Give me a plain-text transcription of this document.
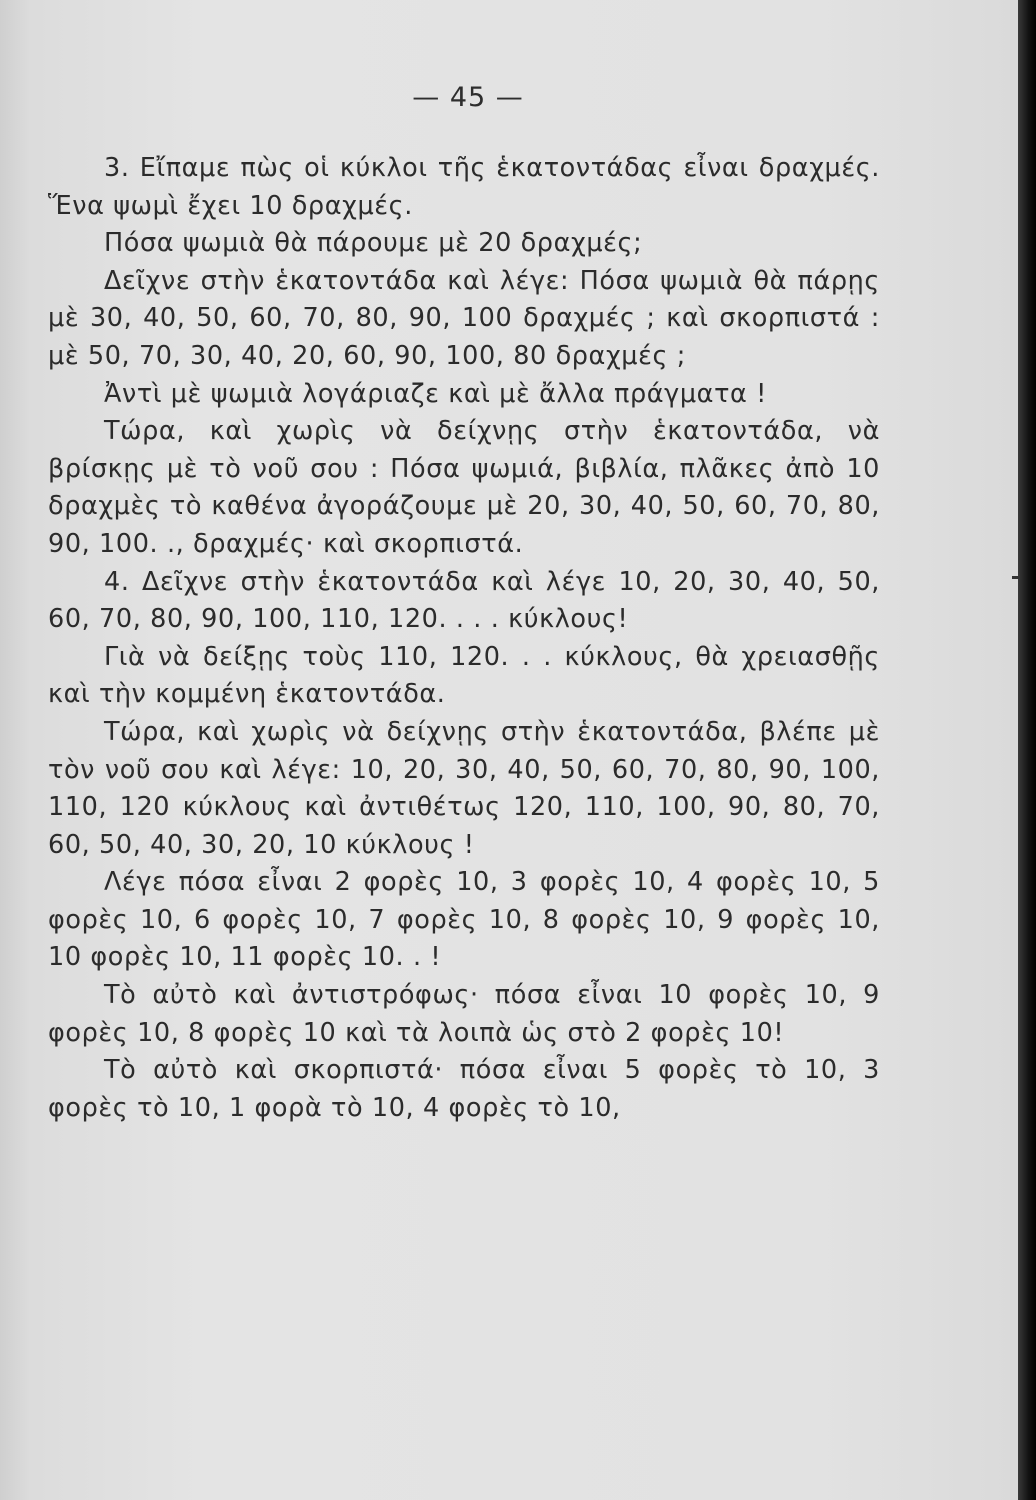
— 45 —

3. Εἴπαμε πὼς οἱ κύκλοι τῆς ἑκατοντάδας εἶναι δραχμές. Ἕνα ψωμὶ ἔχει 10 δραχμές.

Πόσα ψωμιὰ θὰ πάρουμε μὲ 20 δραχμές;

Δεῖχνε στὴν ἑκατοντάδα καὶ λέγε: Πόσα ψωμιὰ θὰ πάρῃς μὲ 30, 40, 50, 60, 70, 80, 90, 100 δραχμές ; καὶ σκορπιστά : μὲ 50, 70, 30, 40, 20, 60, 90, 100, 80 δραχμές ;

Ἀντὶ μὲ ψωμιὰ λογάριαζε καὶ μὲ ἄλλα πράγματα !

Τώρα, καὶ χωρὶς νὰ δείχνῃς στὴν ἑκατοντάδα, νὰ βρίσκῃς μὲ τὸ νοῦ σου : Πόσα ψωμιά, βιβλία, πλᾶκες ἀπὸ 10 δραχμὲς τὸ καθένα ἀγοράζουμε μὲ 20, 30, 40, 50, 60, 70, 80, 90, 100. ., δραχμές· καὶ σκορπιστά.

4. Δεῖχνε στὴν ἑκατοντάδα καὶ λέγε 10, 20, 30, 40, 50, 60, 70, 80, 90, 100, 110, 120. . . . κύκλους!

Γιὰ νὰ δείξῃς τοὺς 110, 120. . . κύκλους, θὰ χρειασθῇς καὶ τὴν κομμένη ἑκατοντάδα.

Τώρα, καὶ χωρὶς νὰ δείχνῃς στὴν ἑκατοντάδα, βλέπε μὲ τὸν νοῦ σου καὶ λέγε: 10, 20, 30, 40, 50, 60, 70, 80, 90, 100, 110, 120 κύκλους καὶ ἀντιθέτως 120, 110, 100, 90, 80, 70, 60, 50, 40, 30, 20, 10 κύκλους !

Λέγε πόσα εἶναι 2 φορὲς 10, 3 φορὲς 10, 4 φορὲς 10, 5 φορὲς 10, 6 φορὲς 10, 7 φορὲς 10, 8 φορὲς 10, 9 φορὲς 10, 10 φορὲς 10, 11 φορὲς 10. . !

Τὸ αὐτὸ καὶ ἀντιστρόφως· πόσα εἶναι 10 φορὲς 10, 9 φορὲς 10, 8 φορὲς 10 καὶ τὰ λοιπὰ ὡς στὸ 2 φορὲς 10!

Τὸ αὐτὸ καὶ σκορπιστά· πόσα εἶναι 5 φορὲς τὸ 10, 3 φορὲς τὸ 10, 1 φορὰ τὸ 10, 4 φορὲς τὸ 10,
